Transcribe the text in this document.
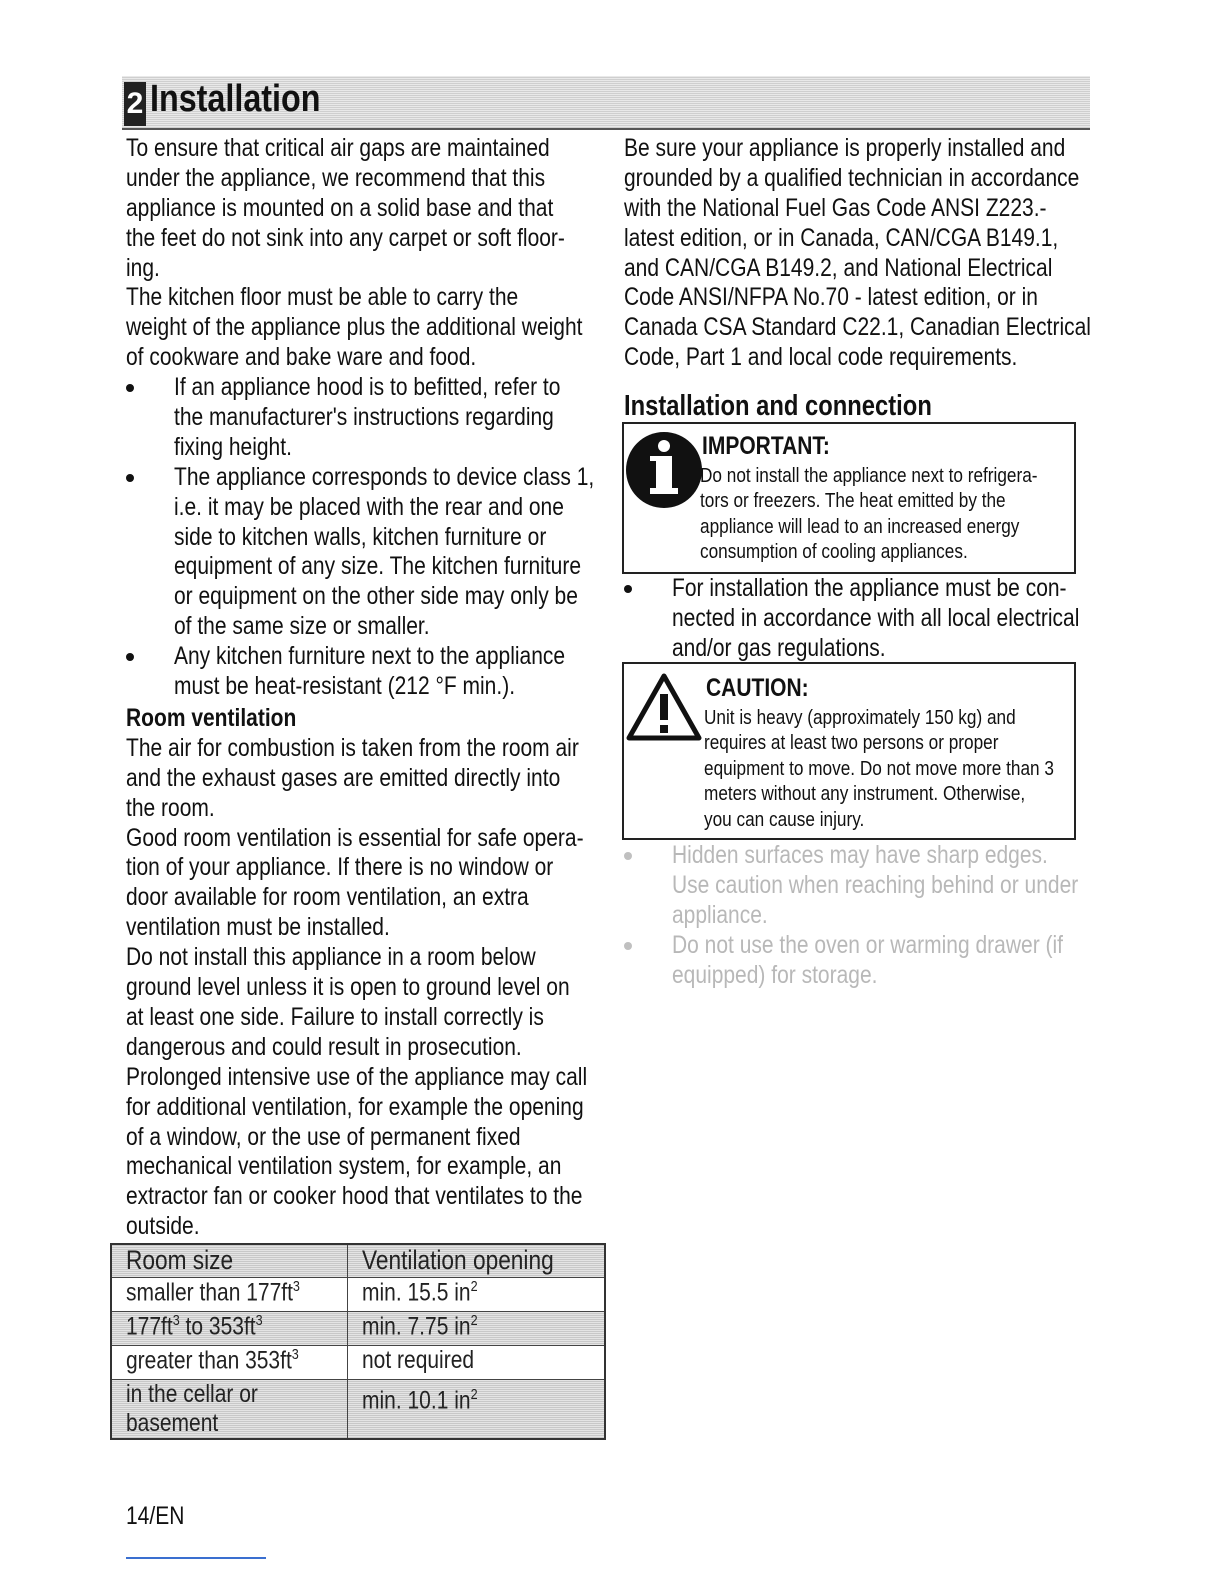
2 Installation
To ensure that critical air gaps are maintained
under the appliance, we recommend that this
appliance is mounted on a solid base and that
the feet do not sink into any carpet or soft floor-
ing.
The kitchen floor must be able to carry the
weight of the appliance plus the additional weight
of cookware and bake ware and food.
If an appliance hood is to befitted, refer to
the manufacturer's instructions regarding
fixing height.
The appliance corresponds to device class 1,
i.e. it may be placed with the rear and one
side to kitchen walls, kitchen furniture or
equipment of any size. The kitchen furniture
or equipment on the other side may only be
of the same size or smaller.
Any kitchen furniture next to the appliance
must be heat-resistant (212 °F min.).
Room ventilation
The air for combustion is taken from the room air
and the exhaust gases are emitted directly into
the room.
Good room ventilation is essential for safe opera-
tion of your appliance. If there is no window or
door available for room ventilation, an extra
ventilation must be installed.
Do not install this appliance in a room below
ground level unless it is open to ground level on
at least one side. Failure to install correctly is
dangerous and could result in prosecution.
Prolonged intensive use of the appliance may call
for additional ventilation, for example the opening
of a window, or the use of permanent fixed
mechanical ventilation system, for example, an
extractor fan or cooker hood that ventilates to the
outside.
Room size	Ventilation opening
smaller than $177ft^3$	min. 15.5 $in^2$
$177ft^3$ to $353ft^3$	min. 7.75 $in^2$
greater than $353ft^3$	not required
in the cellar or
basement	min. 10.1 $in^2$
Be sure your appliance is properly installed and
grounded by a qualified technician in accordance
with the National Fuel Gas Code ANSI Z223.-
latest edition, or in Canada, CAN/CGA B149.1,
and CAN/CGA B149.2, and National Electrical
Code ANSI/NFPA No.70 - latest edition, or in
Canada CSA Standard C22.1, Canadian Electrical
Code, Part 1 and local code requirements.
Installation and connection
IMPORTANT:
Do not install the appliance next to refrigera-
tors or freezers. The heat emitted by the
appliance will lead to an increased energy
consumption of cooling appliances.
For installation the appliance must be con-
nected in accordance with all local electrical
and/or gas regulations.
CAUTION:
Unit is heavy (approximately 150 kg) and
requires at least two persons or proper
equipment to move. Do not move more than 3
meters without any instrument. Otherwise,
you can cause injury.
Hidden surfaces may have sharp edges.
Use caution when reaching behind or under
appliance.
Do not use the oven or warming drawer (if
equipped) for storage.
14/EN
